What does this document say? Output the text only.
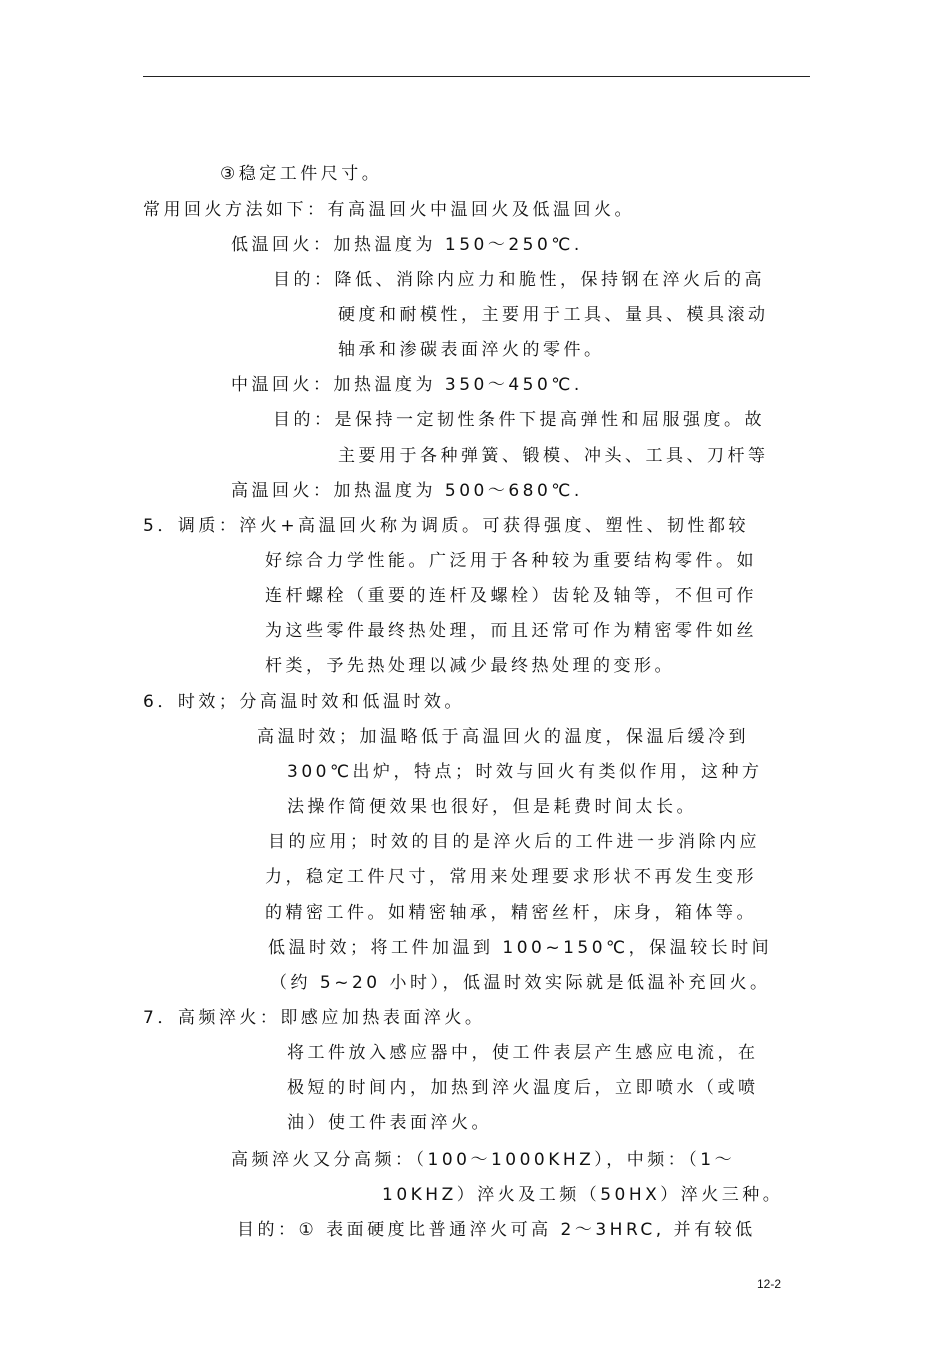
③稳定工件尺寸。
常用回火方法如下：有高温回火中温回火及低温回火。
低温回火：加热温度为 150～250℃.
目的：降低、消除内应力和脆性，保持钢在淬火后的高
硬度和耐模性，主要用于工具、量具、模具滚动
轴承和渗碳表面淬火的零件。
中温回火：加热温度为 350～450℃.
目的：是保持一定韧性条件下提高弹性和屈服强度。故
主要用于各种弹簧、锻模、冲头、工具、刀杆等
高温回火：加热温度为 500～680℃.
5．调质：淬火+高温回火称为调质。可获得强度、塑性、韧性都较
好综合力学性能。广泛用于各种较为重要结构零件。如
连杆螺栓（重要的连杆及螺栓）齿轮及轴等，不但可作
为这些零件最终热处理，而且还常可作为精密零件如丝
杆类，予先热处理以减少最终热处理的变形。
6．时效；分高温时效和低温时效。
高温时效；加温略低于高温回火的温度，保温后缓冷到
300℃出炉，特点；时效与回火有类似作用，这种方
法操作简便效果也很好，但是耗费时间太长。
目的应用；时效的目的是淬火后的工件进一步消除内应
力，稳定工件尺寸，常用来处理要求形状不再发生变形
的精密工件。如精密轴承，精密丝杆，床身，箱体等。
低温时效；将工件加温到 100~150℃，保温较长时间
（约 5~20 小时），低温时效实际就是低温补充回火。
7．高频淬火：即感应加热表面淬火。
将工件放入感应器中，使工件表层产生感应电流，在
极短的时间内，加热到淬火温度后，立即喷水（或喷
油）使工件表面淬火。
高频淬火又分高频：（100～1000KHZ），中频：（1～
10KHZ）淬火及工频（50HX）淬火三种。
目的：① 表面硬度比普通淬火可高 2～3HRC, 并有较低
12-2
